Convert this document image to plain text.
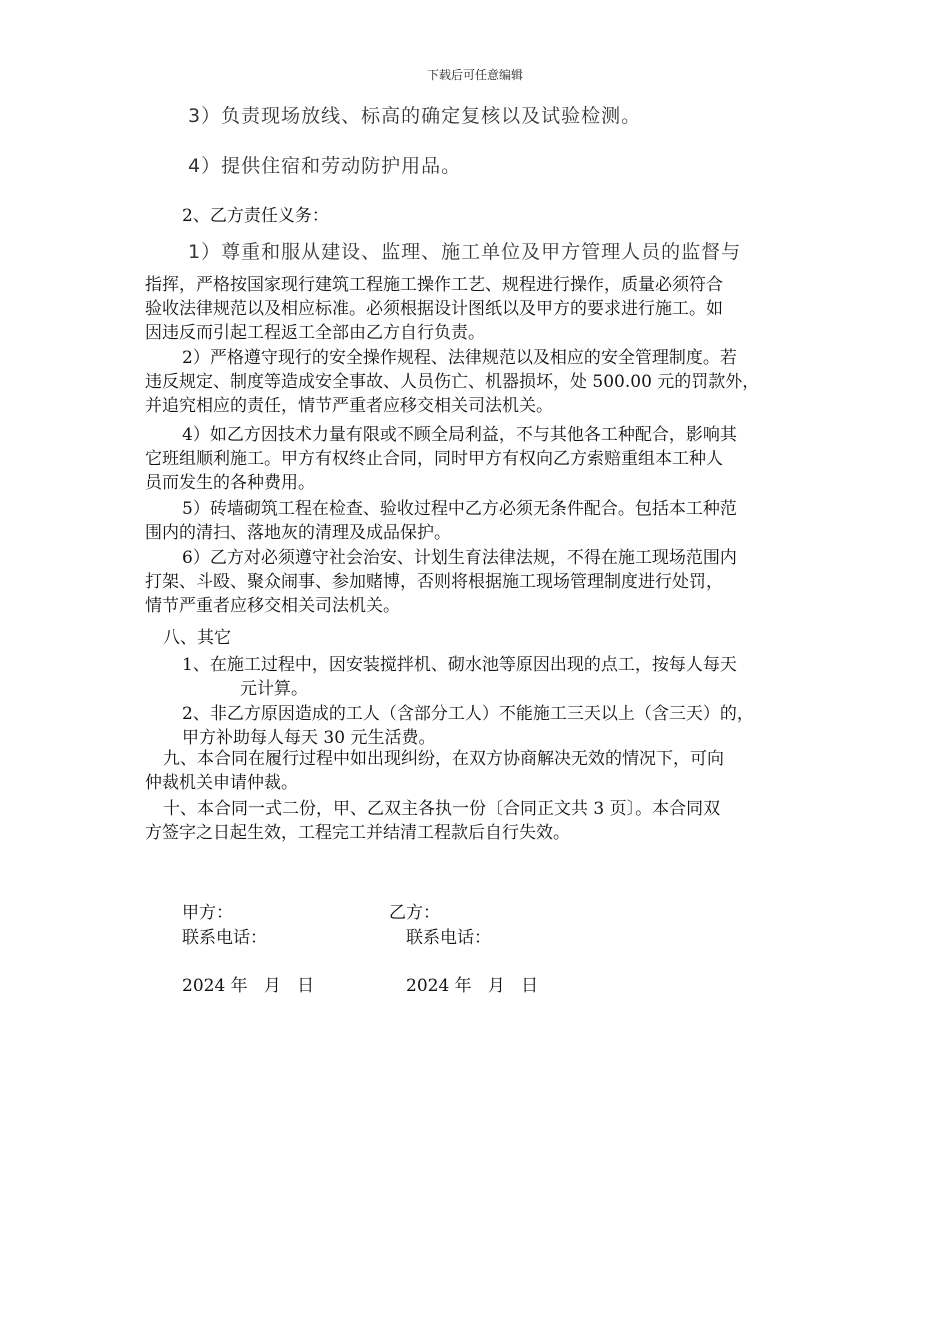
下载后可任意编辑
3）负责现场放线、标高的确定复核以及试验检测。
4）提供住宿和劳动防护用品。
2、乙方责任义务：
1）尊重和服从建设、监理、施工单位及甲方管理人员的监督与
指挥，严格按国家现行建筑工程施工操作工艺、规程进行操作，质量必须符合
验收法律规范以及相应标准。必须根据设计图纸以及甲方的要求进行施工。如
因违反而引起工程返工全部由乙方自行负责。
2）严格遵守现行的安全操作规程、法律规范以及相应的安全管理制度。若
违反规定、制度等造成安全事故、人员伤亡、机器损坏，处 500.00 元的罚款外，
并追究相应的责任，情节严重者应移交相关司法机关。
4）如乙方因技术力量有限或不顾全局利益，不与其他各工种配合，影响其
它班组顺利施工。甲方有权终止合同，同时甲方有权向乙方索赔重组本工种人
员而发生的各种费用。
5）砖墙砌筑工程在检查、验收过程中乙方必须无条件配合。包括本工种范
围内的清扫、落地灰的清理及成品保护。
6）乙方对必须遵守社会治安、计划生育法律法规，不得在施工现场范围内
打架、斗殴、聚众闹事、参加赌博，否则将根据施工现场管理制度进行处罚，
情节严重者应移交相关司法机关。
八、其它
1、在施工过程中，因安装搅拌机、砌水池等原因出现的点工，按每人每天
元计算。
2、非乙方原因造成的工人（含部分工人）不能施工三天以上（含三天）的，
甲方补助每人每天 30 元生活费。
九、本合同在履行过程中如出现纠纷，在双方协商解决无效的情况下，可向
仲裁机关申请仲裁。
十、本合同一式二份，甲、乙双主各执一份〔合同正文共 3 页〕。本合同双
方签字之日起生效，工程完工并结清工程款后自行失效。
甲方：	乙方：
联系电话：	联系电话：
2024 年   月   日	2024 年   月   日
